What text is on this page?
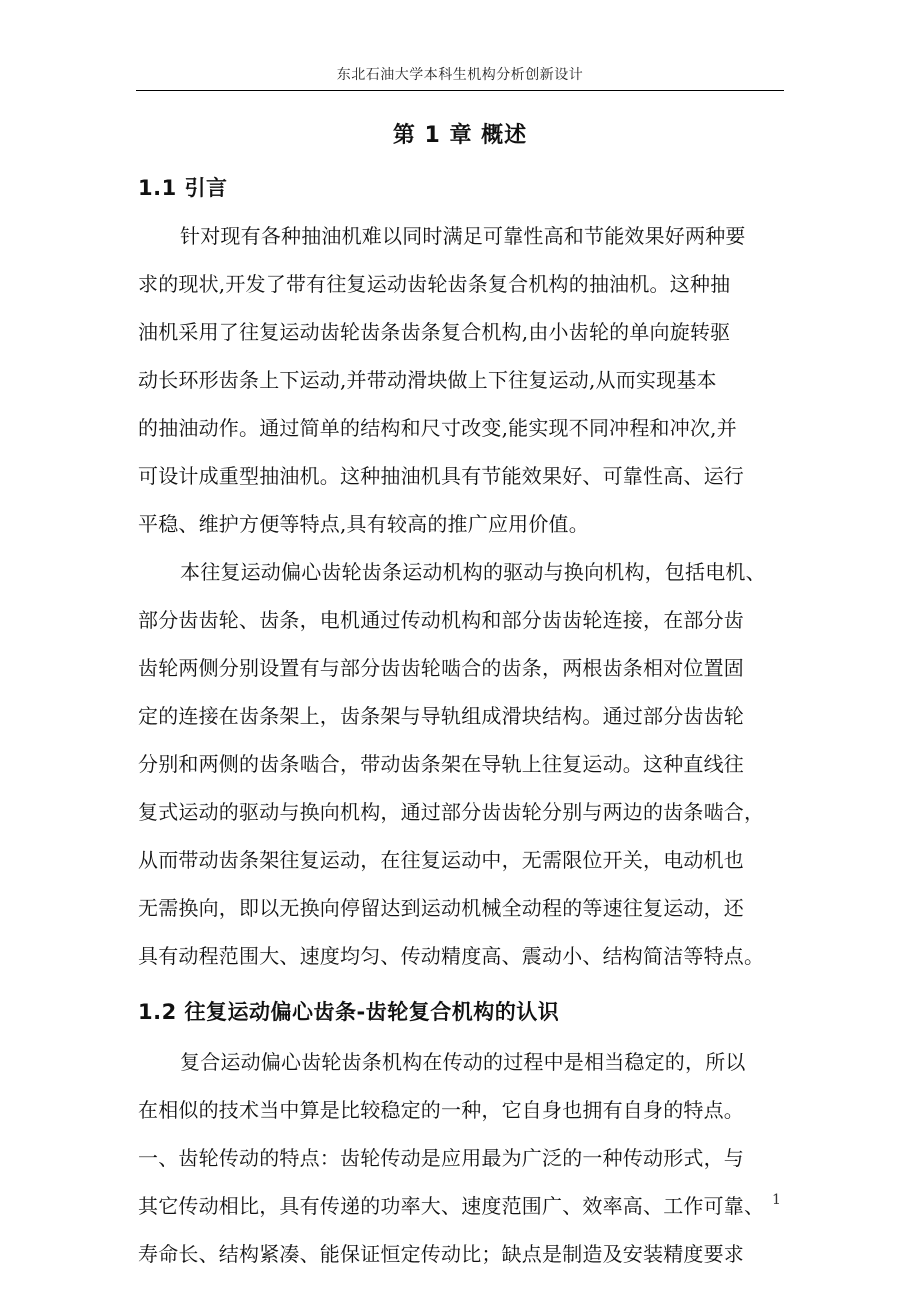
东北石油大学本科生机构分析创新设计
第 1 章 概述
1.1 引言
针对现有各种抽油机难以同时满足可靠性高和节能效果好两种要
求的现状,开发了带有往复运动齿轮齿条复合机构的抽油机。这种抽
油机采用了往复运动齿轮齿条齿条复合机构,由小齿轮的单向旋转驱
动长环形齿条上下运动,并带动滑块做上下往复运动,从而实现基本
的抽油动作。通过简单的结构和尺寸改变,能实现不同冲程和冲次,并
可设计成重型抽油机。这种抽油机具有节能效果好、可靠性高、运行
平稳、维护方便等特点,具有较高的推广应用价值。
本往复运动偏心齿轮齿条运动机构的驱动与换向机构，包括电机、
部分齿齿轮、齿条，电机通过传动机构和部分齿齿轮连接，在部分齿
齿轮两侧分别设置有与部分齿齿轮啮合的齿条，两根齿条相对位置固
定的连接在齿条架上，齿条架与导轨组成滑块结构。通过部分齿齿轮
分别和两侧的齿条啮合，带动齿条架在导轨上往复运动。这种直线往
复式运动的驱动与换向机构，通过部分齿齿轮分别与两边的齿条啮合，
从而带动齿条架往复运动，在往复运动中，无需限位开关，电动机也
无需换向，即以无换向停留达到运动机械全动程的等速往复运动，还
具有动程范围大、速度均匀、传动精度高、震动小、结构简洁等特点。
1.2 往复运动偏心齿条-齿轮复合机构的认识
复合运动偏心齿轮齿条机构在传动的过程中是相当稳定的，所以
在相似的技术当中算是比较稳定的一种，它自身也拥有自身的特点。
一、齿轮传动的特点：齿轮传动是应用最为广泛的一种传动形式，与
其它传动相比，具有传递的功率大、速度范围广、效率高、工作可靠、
寿命长、结构紧凑、能保证恒定传动比；缺点是制造及安装精度要求
1
